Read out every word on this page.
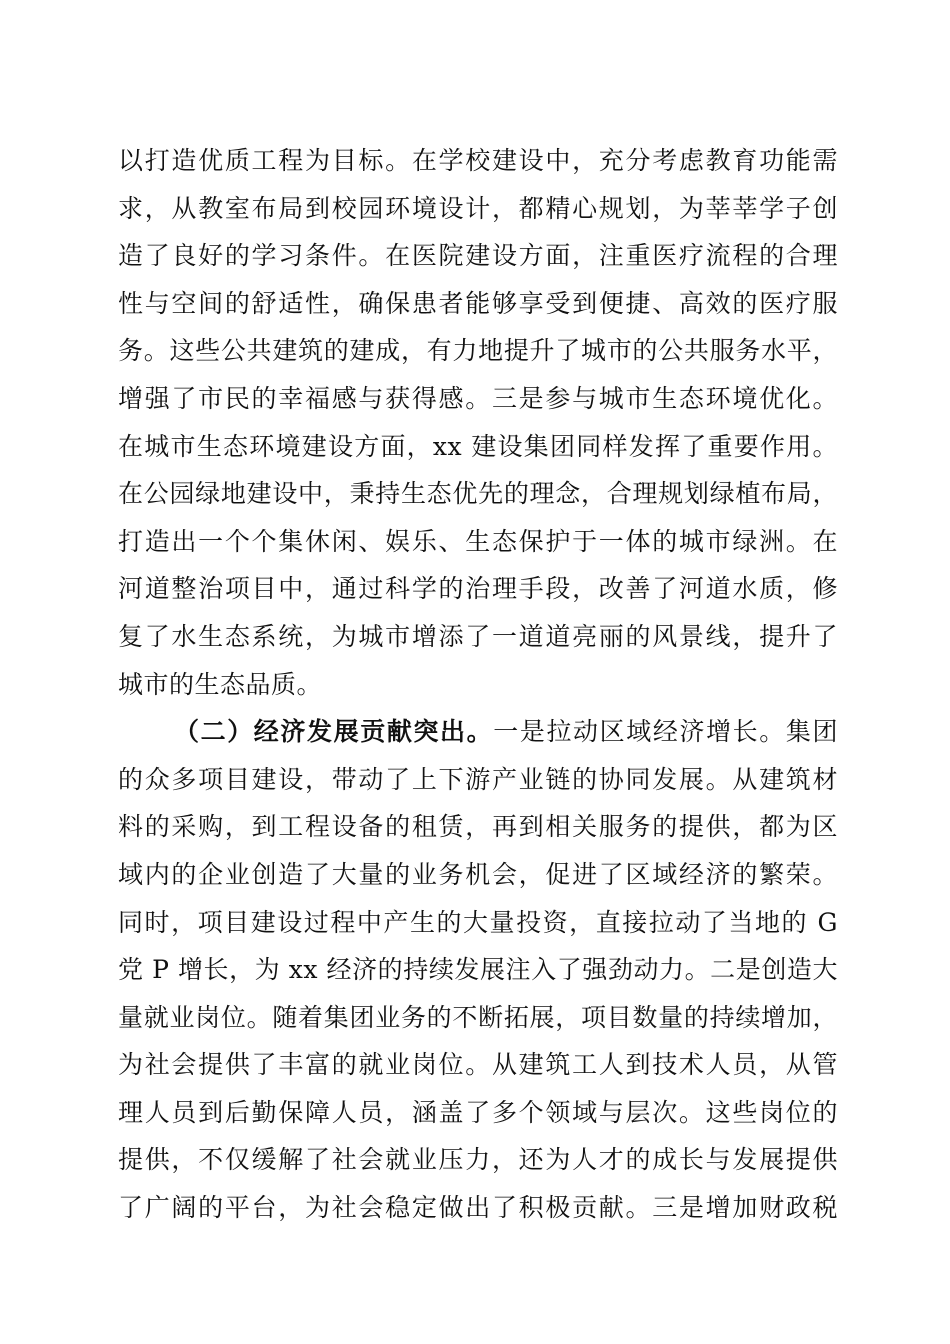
以打造优质工程为目标。在学校建设中，充分考虑教育功能需
求，从教室布局到校园环境设计，都精心规划，为莘莘学子创
造了良好的学习条件。在医院建设方面，注重医疗流程的合理
性与空间的舒适性，确保患者能够享受到便捷、高效的医疗服
务。这些公共建筑的建成，有力地提升了城市的公共服务水平，
增强了市民的幸福感与获得感。三是参与城市生态环境优化。
在城市生态环境建设方面，xx 建设集团同样发挥了重要作用。
在公园绿地建设中，秉持生态优先的理念，合理规划绿植布局，
打造出一个个集休闲、娱乐、生态保护于一体的城市绿洲。在
河道整治项目中，通过科学的治理手段，改善了河道水质，修
复了水生态系统，为城市增添了一道道亮丽的风景线，提升了
城市的生态品质。
（二）经济发展贡献突出。一是拉动区域经济增长。集团
的众多项目建设，带动了上下游产业链的协同发展。从建筑材
料的采购，到工程设备的租赁，再到相关服务的提供，都为区
域内的企业创造了大量的业务机会，促进了区域经济的繁荣。
同时，项目建设过程中产生的大量投资，直接拉动了当地的 G
党 P 增长，为 xx 经济的持续发展注入了强劲动力。二是创造大
量就业岗位。随着集团业务的不断拓展，项目数量的持续增加，
为社会提供了丰富的就业岗位。从建筑工人到技术人员，从管
理人员到后勤保障人员，涵盖了多个领域与层次。这些岗位的
提供，不仅缓解了社会就业压力，还为人才的成长与发展提供
了广阔的平台，为社会稳定做出了积极贡献。三是增加财政税
